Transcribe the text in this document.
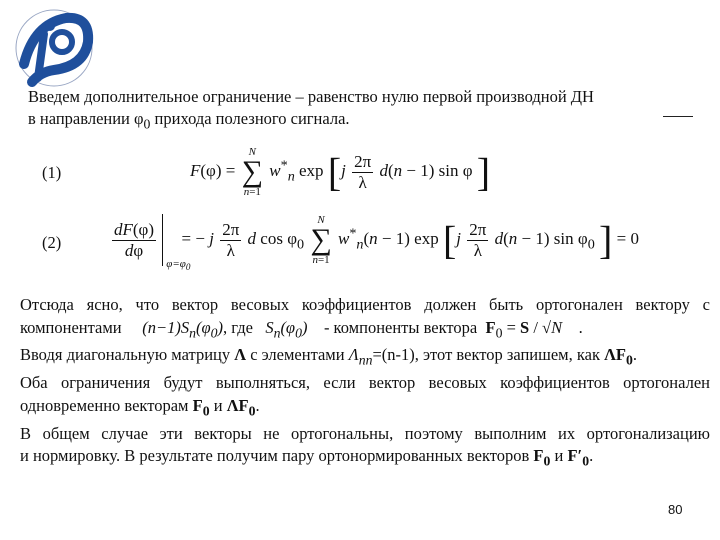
Введем дополнительное ограничение – равенство нулю первой производной ДН
в направлении $\varphi_0$ прихода полезного сигнала.
(1)	F(φ) = N
∑
n=1 $w^*_n$ $\exp [j \frac{2\pi}{\lambda} d(n - 1)$ sin φ ]
(2)	$\frac{dF(\varphi)}{d\varphi}$

$\varphi=\varphi_0$
= − j $\frac{2\pi}{\lambda}$ d $\cos \varphi_0$ N
∑
n=1 $w^*_n(n - 1)$ $\exp [j \frac{2\pi}{\lambda} d(n - 1)$ $\sin \varphi_0$ ] = 0
Отсюда ясно, что вектор весовых коэффициентов должен быть ортогонален вектору с
компонентами $(n-1)S_n(\varphi_0)$, где $S_n(\varphi_0)$ - компоненты вектора $F_0 = S / √N$    .
Вводя диагональную матрицу Λ с элементами $\Lambda_{nn}=(n-1)$, этот вектор запишем, как $\Lambda F_0$.
Оба ограничения будут выполняться, если вектор весовых коэффициентов ортогонален
одновременно векторам $F_0$ и $\Lambda F_0$.
В общем случае эти векторы не ортогональны, поэтому выполним их ортогонализацию
и нормировку. В результате получим пару ортонормированных векторов $F_0$ и $F'_0$.
80
